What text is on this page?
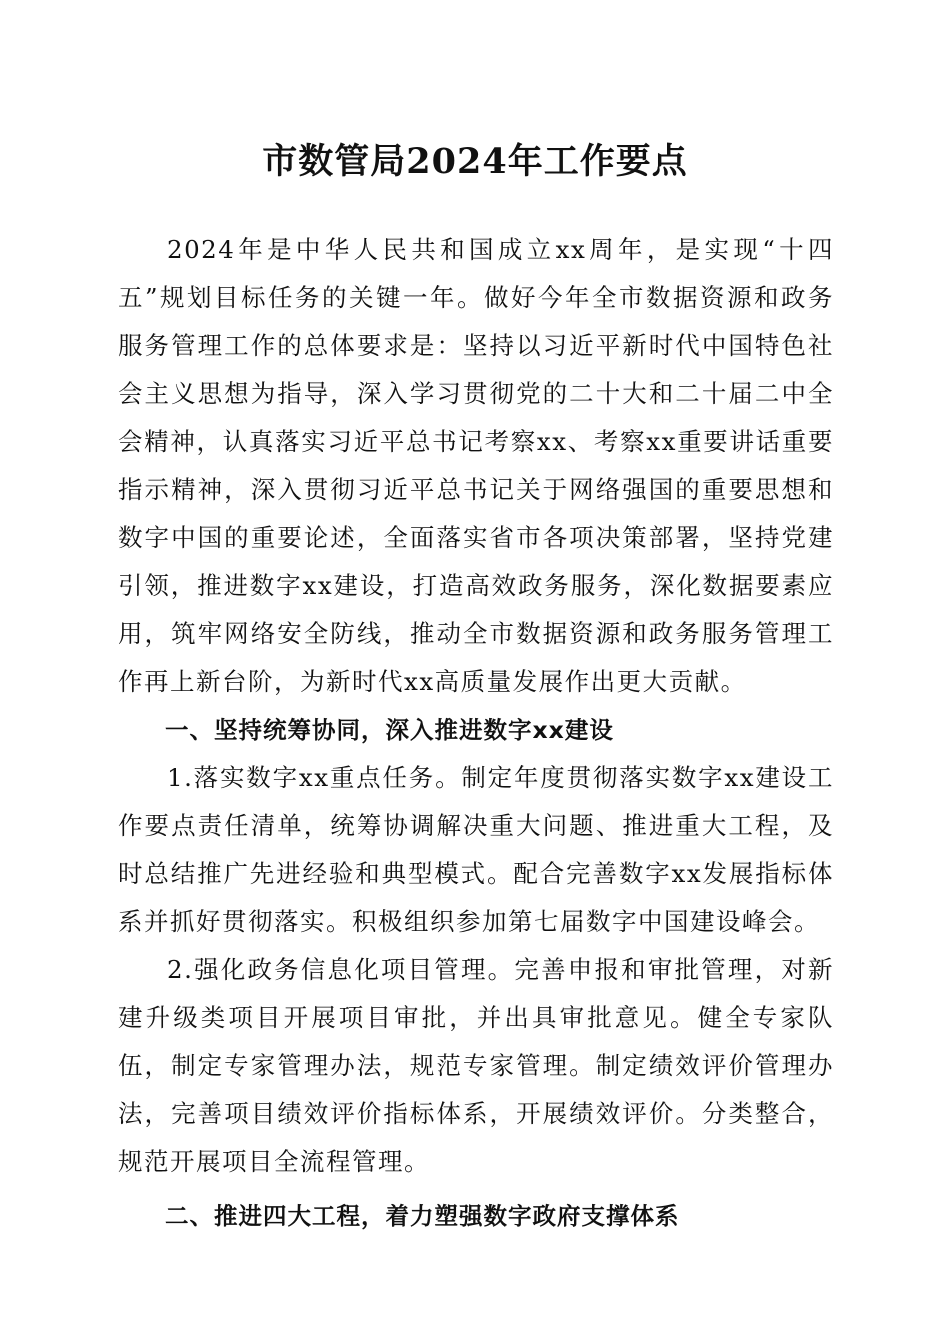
市数管局2024年工作要点

2024年是中华人民共和国成立xx周年，是实现“十四五”规划目标任务的关键一年。做好今年全市数据资源和政务服务管理工作的总体要求是：坚持以习近平新时代中国特色社会主义思想为指导，深入学习贯彻党的二十大和二十届二中全会精神，认真落实习近平总书记考察xx、考察xx重要讲话重要指示精神，深入贯彻习近平总书记关于网络强国的重要思想和数字中国的重要论述，全面落实省市各项决策部署，坚持党建引领，推进数字xx建设，打造高效政务服务，深化数据要素应用，筑牢网络安全防线，推动全市数据资源和政务服务管理工作再上新台阶，为新时代xx高质量发展作出更大贡献。

一、坚持统筹协同，深入推进数字xx建设

1.落实数字xx重点任务。制定年度贯彻落实数字xx建设工作要点责任清单，统筹协调解决重大问题、推进重大工程，及时总结推广先进经验和典型模式。配合完善数字xx发展指标体系并抓好贯彻落实。积极组织参加第七届数字中国建设峰会。

2.强化政务信息化项目管理。完善申报和审批管理，对新建升级类项目开展项目审批，并出具审批意见。健全专家队伍，制定专家管理办法，规范专家管理。制定绩效评价管理办法，完善项目绩效评价指标体系，开展绩效评价。分类整合，规范开展项目全流程管理。

二、推进四大工程，着力塑强数字政府支撑体系
